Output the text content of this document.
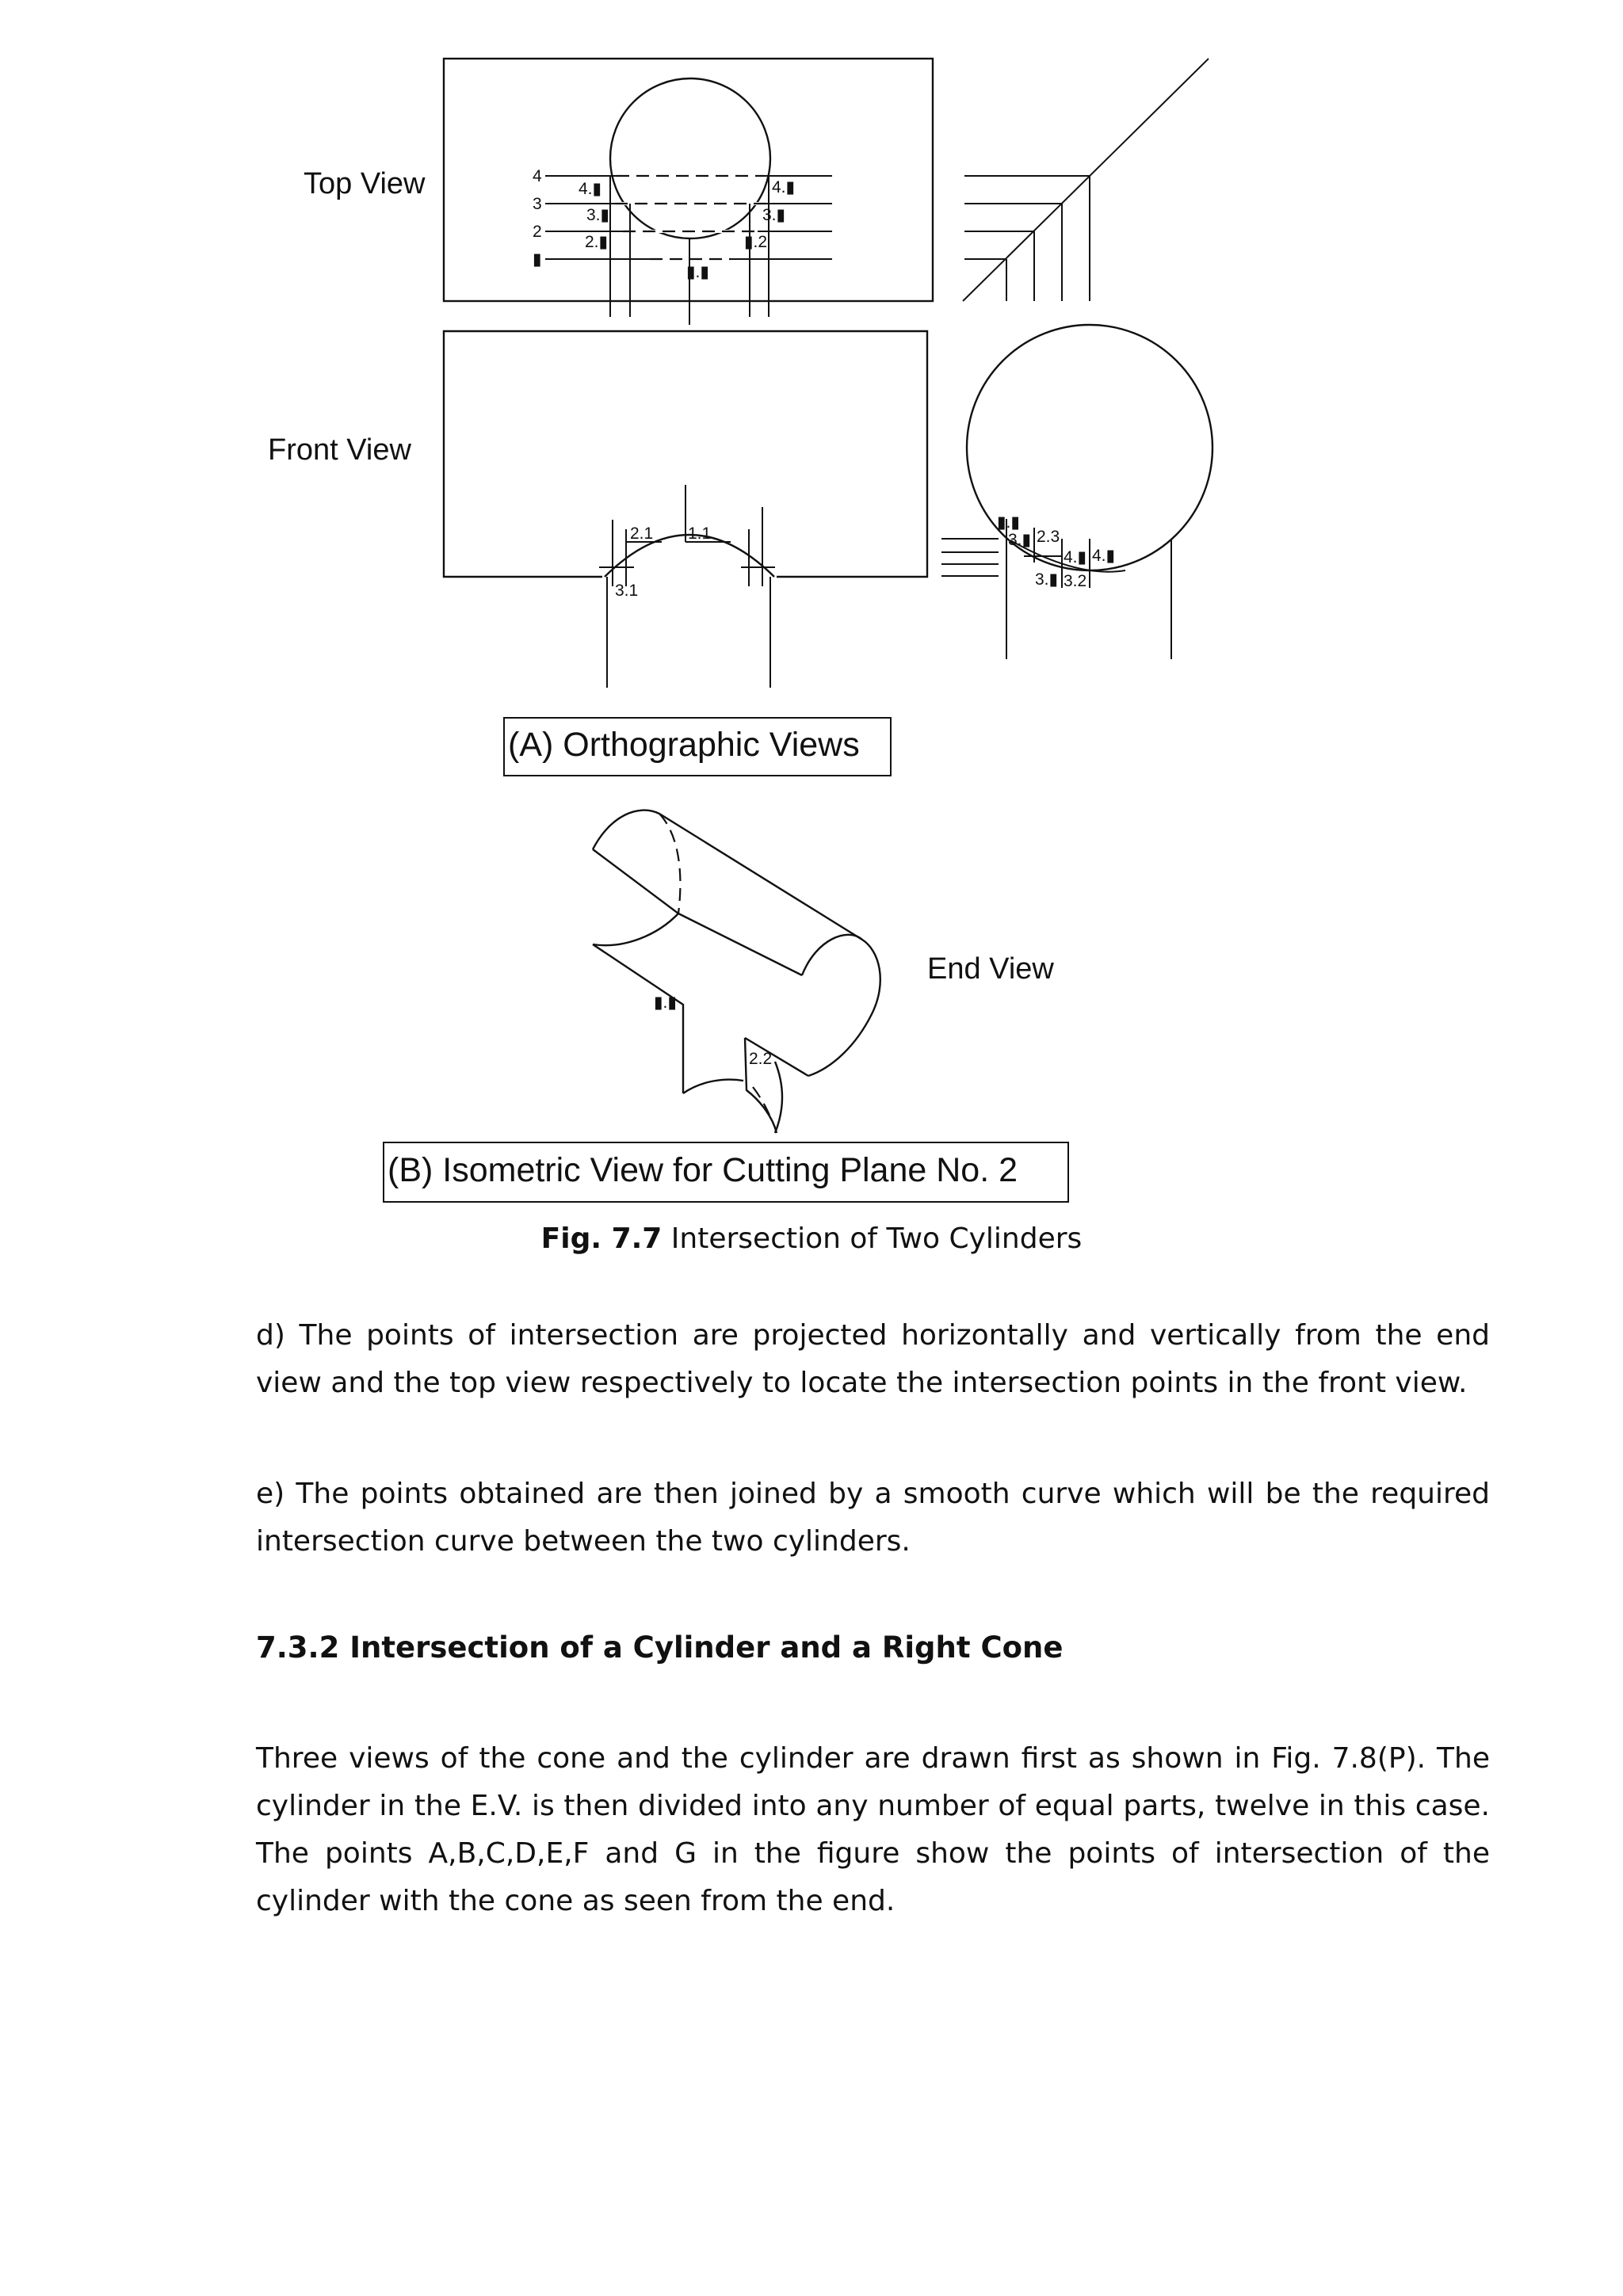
4
3
2
▮
4.▮
3.▮
2.▮
▮.▮
4.▮
3.▮
▮.2
Top View
2.1 1.1
3.1
Front View
▮.▮
3.▮ 2.3
4.▮ 4.▮
3.▮ 3.2
(A) Orthographic Views
▮.▮
2.2
End View
(B) Isometric View for Cutting Plane No. 2
Fig. 7.7 Intersection of Two Cylinders

d) The points of intersection are projected horizontally and vertically from the end view and the top view respectively to locate the intersection points in the front view.

e) The points obtained are then joined by a smooth curve which will be the required intersection curve between the two cylinders.

7.3.2 Intersection of a Cylinder and a Right Cone

Three views of the cone and the cylinder are drawn first as shown in Fig. 7.8(P). The cylinder in the E.V. is then divided into any number of equal parts, twelve in this case. The points A,B,C,D,E,F and G in the figure show the points of intersection of the cylinder with the cone as seen from the end.
